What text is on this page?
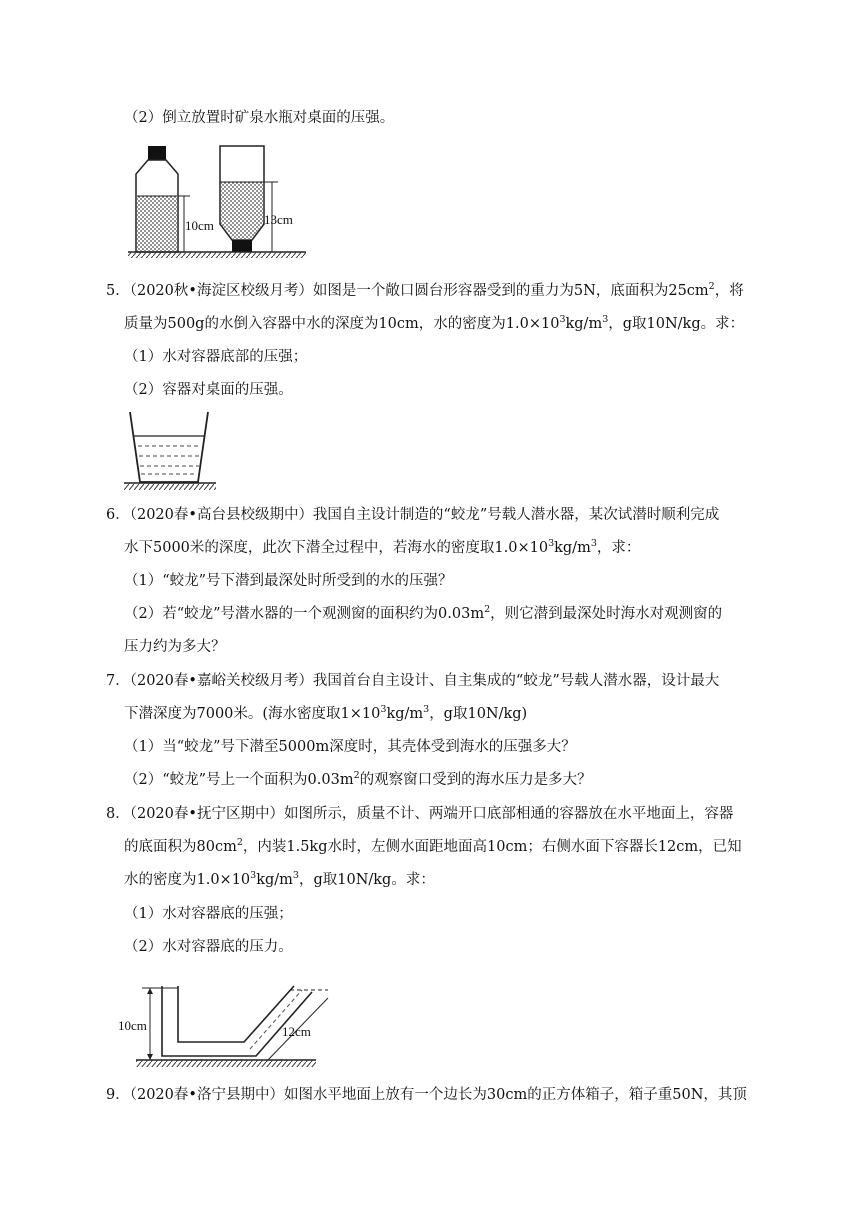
（2）倒立放置时矿泉水瓶对桌面的压强。
10cm	13cm
5．（2020秋•海淀区校级月考）如图是一个敞口圆台形容器受到的重力为5N，底面积为$25cm^2$，将
质量为500g的水倒入容器中水的深度为10cm，水的密度为$1.0\times 10^3kg/m^3$，g取10N/kg。求：
（1）水对容器底部的压强；
（2）容器对桌面的压强。
6．（2020春•高台县校级期中）我国自主设计制造的“蛟龙”号载人潜水器，某次试潜时顺利完成
水下5000米的深度，此次下潜全过程中，若海水的密度取$1.0\times 10^3kg/m^3$，求：
（1）“蛟龙”号下潜到最深处时所受到的水的压强？
（2）若“蛟龙”号潜水器的一个观测窗的面积约为$0.03m^2$，则它潜到最深处时海水对观测窗的
压力约为多大？
7．（2020春•嘉峪关校级月考）我国首台自主设计、自主集成的“蛟龙”号载人潜水器，设计最大
下潜深度为7000米。(海水密度取$1\times 10^3kg/m^3$，g取10N/kg)
（1）当“蛟龙”号下潜至5000m深度时，其壳体受到海水的压强多大？
（2）“蛟龙”号上一个面积为$0.03m^2$的观察窗口受到的海水压力是多大？
8．（2020春•抚宁区期中）如图所示，质量不计、两端开口底部相通的容器放在水平地面上，容器
的底面积为$80cm^2$，内装1.5kg水时，左侧水面距地面高10cm；右侧水面下容器长12cm，已知
水的密度为$1.0\times 10^3kg/m^3$，g取10N/kg。求：
（1）水对容器底的压强；
（2）水对容器底的压力。
10cm	12cm
9．（2020春•洛宁县期中）如图水平地面上放有一个边长为30cm的正方体箱子，箱子重50N，其顶
